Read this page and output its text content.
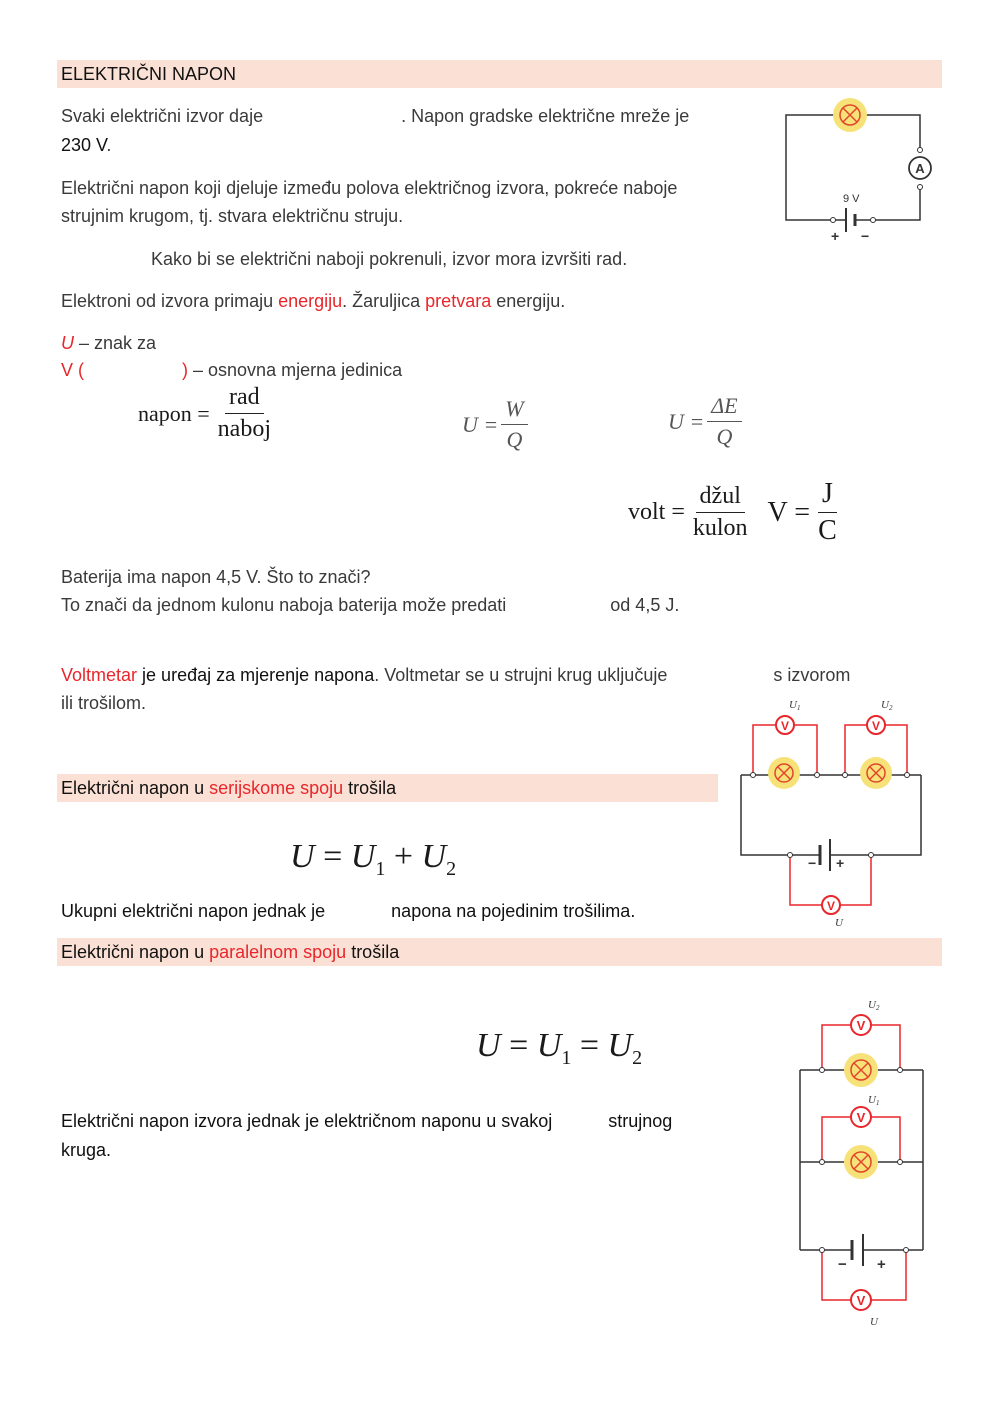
ELEKTRIČNI NAPON
Svaki električni izvor daje	. Napon gradske električne mreže je
230 V.
Električni napon koji djeluje između polova električnog izvora, pokreće naboje
strujnim krugom, tj. stvara električnu struju.
Kako bi se električni naboji pokrenuli, izvor mora izvršiti rad.
Elektroni od izvora primaju energiju. Žaruljica pretvara energiju.
U – znak za
V (	) – osnovna mjerna jedinica
napon = $\frac{\text{rad}}{\text{naboj}}$	$U = \frac{W}{Q}$	$U = \frac{\Delta E}{Q}$
volt = $\frac{\text{džul}}{\text{kulon}}$ $V = \frac{J}{C}$
Baterija ima napon 4,5 V. Što to znači?
To znači da jednom kulonu naboja baterija može predati	od 4,5 J.
Voltmetar je uređaj za mjerenje napona. Voltmetar se u strujni krug uključuje	s izvorom
ili trošilom.
Električni napon u serijskome spoju trošila
$U = U_1 + U_2$
Ukupni električni napon jednak je	napona na pojedinim trošilima.
Električni napon u paralelnom spoju trošila
$U = U_1 = U_2$
Električni napon izvora jednak je električnom naponu u svakoj	strujnog
kruga.
A
9 V
+ −
V	V
V
U1	U2
U
− +
V
V
V
U2
U1
U
− +
